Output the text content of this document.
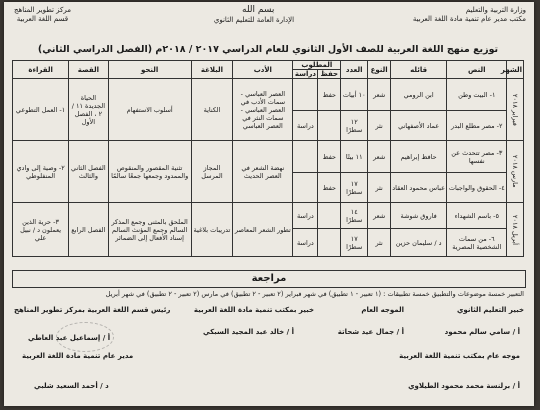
وزارة التربية والتعليم
مكتب مدير عام تنمية مادة اللغة العربية
بسم الله
الإدارة العامة للتعليم الثانوي
مركز تطوير المناهج
قسم اللغة العربية
توزيع منهج اللغة العربية للصف الأول الثانوي للعام الدراسي ٢٠١٧ / ٢٠١٨م (الفصل الدراسي الثاني)
الشهر	النص	قائله	النوع	العدد	المطلوب		الأدب	البلاغة	النحو	القصة	القراءة
					حفظ	دراسة					
فبراير ٢٠١٨	١- البيت وطن	ابن الرومي	شعر	١٠ أبيات	حفظ		العصر العباسي - سمات الأدب في العصر العباسي - سمات النثر في العصر العباسي	الكناية	أسلوب الاستفهام	الحياة الجديدة ١١ / ٢ ، الفصل الأول	١- العمل التطوعي
	٢- مصر مطلع البدر	عماد الأصفهاني	نثر	١٢ سطرًا		دراسة					
مارس ٢٠١٨	٣- مصر تتحدث عن نفسها	حافظ إبراهيم	شعر	١١ بيتًا	حفظ		نهضة الشعر في العصر الحديث	المجاز المرسل	تثنية المقصور والمنقوص والممدود وجمعها جمعًا سالمًا	الفصل الثاني والثالث	٢- وصية إلى وادي المنفلوطي
	٤- الحقوق والواجبات	عباس محمود العقاد	نثر	١٧ سطرًا	حفظ						
أبريل ٢٠١٨	٥- باسم الشهداء	فاروق شوشة	شعر	١٤ سطرًا		دراسة	تطور الشعر المعاصر	تدريبات بلاغية	الملحق بالمثنى وجمع المذكر السالم وجمع المؤنث السالم إسناد الأفعال إلى الضمائر	الفصل الرابع	٣- حرية الذين يعملون د / نبيل علي
	٦- من سمات الشخصية المصرية	د / سليمان حزين	نثر	١٧ سطرًا		دراسة					
مراجعة
التعبير خمسة موضوعات والتطبيق خمسة تطبيقات : (١ تعبير - ١ تطبيق) في شهر فبراير (٢ تعبير - ٢ تطبيق) في مارس (٢ تعبير - ٢ تطبيق) في شهر أبريل
خبير التعليم الثانوي
الموجه العام
خبير بمكتب تنمية مادة اللغة العربية
رئيس قسم اللغة العربية بمركز تطوير المناهج
أ / سامي سالم محمود
أ / جمال عيد شحاتة
أ / خالد عبد المجيد السبكي
أ / إسماعيل عبد العاطي
موجه عام بمكتب تنمية اللغة العربية
مدير عام تنمية مادة اللغة العربية
أ / برلنسة محمد محمود الطيلاوي
د / أحمد السعيد شلبي
